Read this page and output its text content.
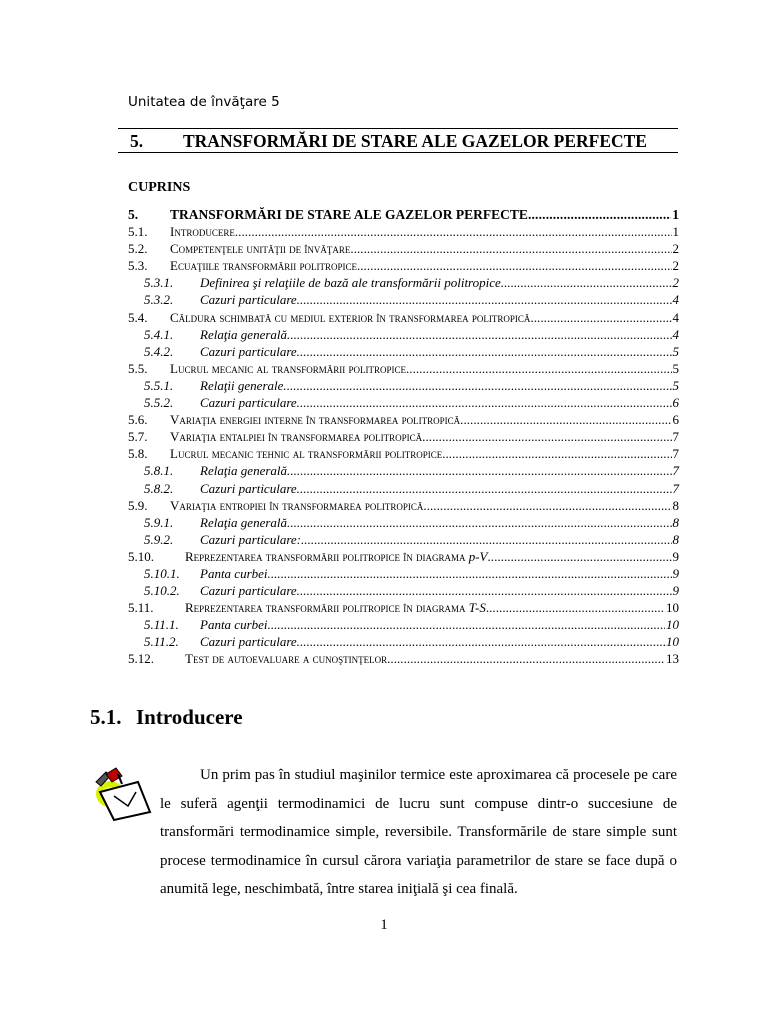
Unitatea de învăţare 5
5. TRANSFORMĂRI DE STARE ALE GAZELOR PERFECTE
CUPRINS
5.	TRANSFORMĂRI DE STARE ALE GAZELOR PERFECTE . . .	1
5.1.	Introducere . . .	1
5.2.	Competenţele unităţii de învăţare . . .	2
5.3.	Ecuaţiile transformării politropice . . .	2
5.3.1.	Definirea şi relaţiile de bază ale transformării politropice . . .	2
5.3.2.	Cazuri particulare . . .	4
5.4.	Căldura schimbată cu mediul exterior în transformarea politropică . . .	4
5.4.1.	Relaţia generală . . .	4
5.4.2.	Cazuri particulare . . .	5
5.5.	Lucrul mecanic al transformării politropice . . .	5
5.5.1.	Relaţii generale . . .	5
5.5.2.	Cazuri particulare . . .	6
5.6.	Variaţia energiei interne în transformarea politropică . . .	6
5.7.	Variaţia entalpiei în transformarea politropică . . .	7
5.8.	Lucrul mecanic tehnic al transformării politropice . . .	7
5.8.1.	Relaţia generală . . .	7
5.8.2.	Cazuri particulare . . .	7
5.9.	Variaţia entropiei în transformarea politropică . . .	8
5.9.1.	Relaţia generală . . .	8
5.9.2.	Cazuri particulare: . . .	8
5.10.	Reprezentarea transformării politropice în diagrama p-V . . .	9
5.10.1.	Panta curbei . . .	9
5.10.2.	Cazuri particulare . . .	9
5.11.	Reprezentarea transformării politropice în diagrama T-S . . .	10
5.11.1.	Panta curbei . . .	10
5.11.2.	Cazuri particulare . . .	10
5.12.	Test de autoevaluare a cunoştinţelor . . .	13
5.1. Introducere
Un prim pas în studiul maşinilor termice este aproximarea că procesele pe care le suferă agenţii termodinamici de lucru sunt compuse dintr-o succesiune de transformări termodinamice simple, reversibile. Transformările de stare simple sunt procese termodinamice în cursul cărora variaţia parametrilor de stare se face după o anumită lege, neschimbată, între starea iniţială şi cea finală.
1
